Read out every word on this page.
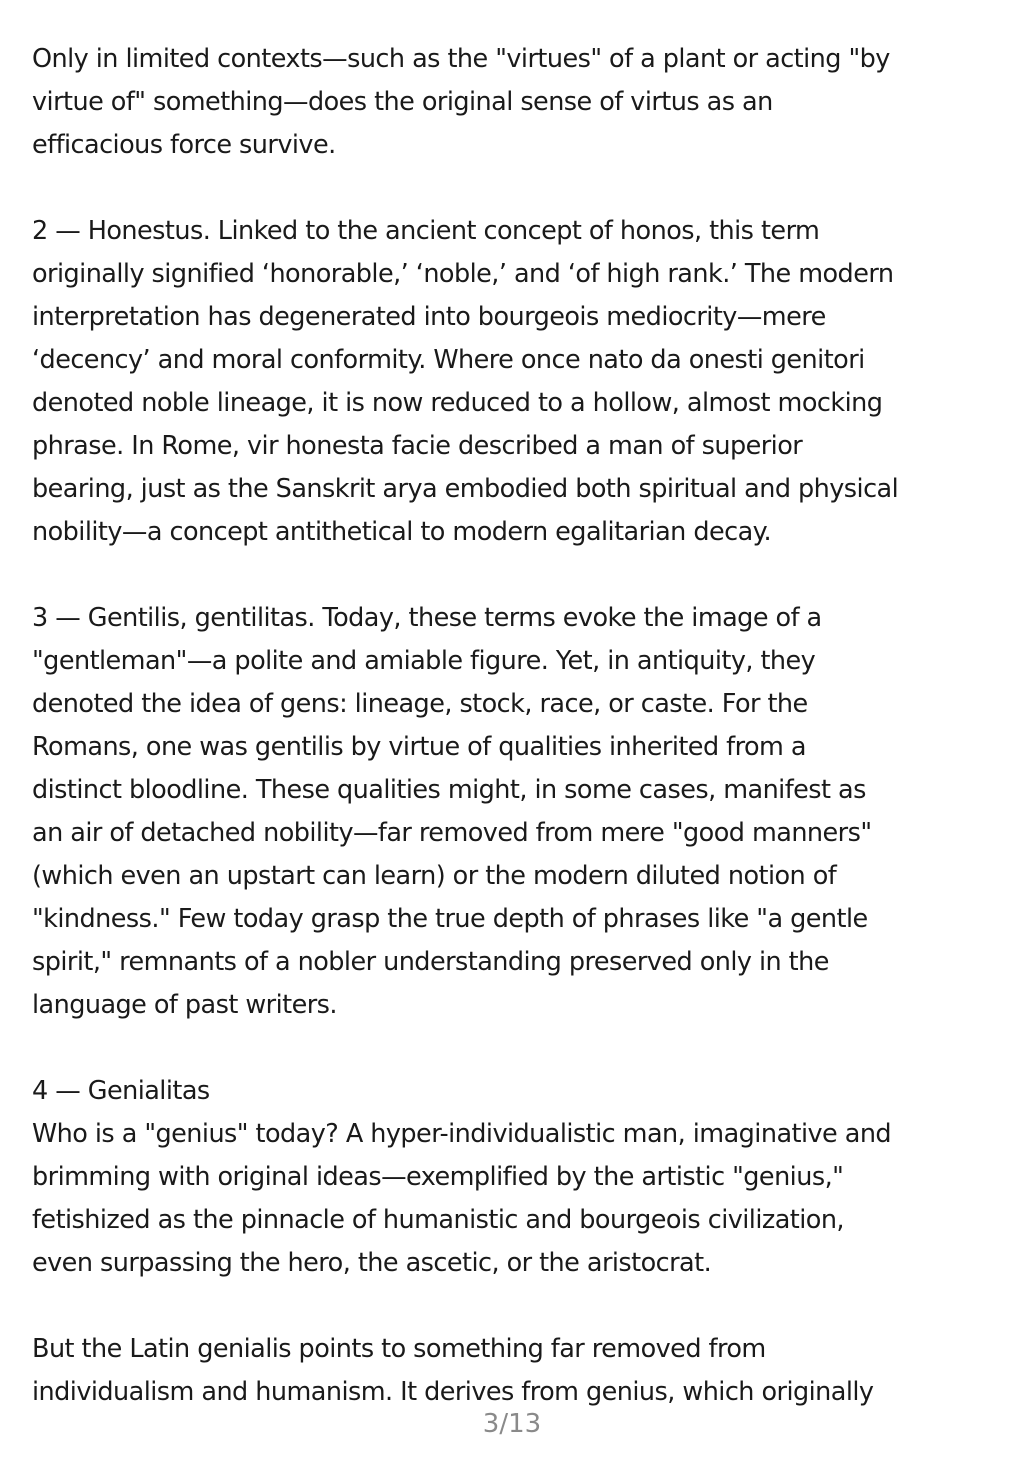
Only in limited contexts—such as the "virtues" of a plant or acting "by
virtue of" something—does the original sense of virtus as an
efficacious force survive.

2 — Honestus. Linked to the ancient concept of honos, this term
originally signified ‘honorable,’ ‘noble,’ and ‘of high rank.’ The modern
interpretation has degenerated into bourgeois mediocrity—mere
‘decency’ and moral conformity. Where once nato da onesti genitori
denoted noble lineage, it is now reduced to a hollow, almost mocking
phrase. In Rome, vir honesta facie described a man of superior
bearing, just as the Sanskrit arya embodied both spiritual and physical
nobility—a concept antithetical to modern egalitarian decay.

3 — Gentilis, gentilitas. Today, these terms evoke the image of a
"gentleman"—a polite and amiable figure. Yet, in antiquity, they
denoted the idea of gens: lineage, stock, race, or caste. For the
Romans, one was gentilis by virtue of qualities inherited from a
distinct bloodline. These qualities might, in some cases, manifest as
an air of detached nobility—far removed from mere "good manners"
(which even an upstart can learn) or the modern diluted notion of
"kindness." Few today grasp the true depth of phrases like "a gentle
spirit," remnants of a nobler understanding preserved only in the
language of past writers.

4 — Genialitas
Who is a "genius" today? A hyper-individualistic man, imaginative and
brimming with original ideas—exemplified by the artistic "genius,"
fetishized as the pinnacle of humanistic and bourgeois civilization,
even surpassing the hero, the ascetic, or the aristocrat.

But the Latin genialis points to something far removed from
individualism and humanism. It derives from genius, which originally

3/13
